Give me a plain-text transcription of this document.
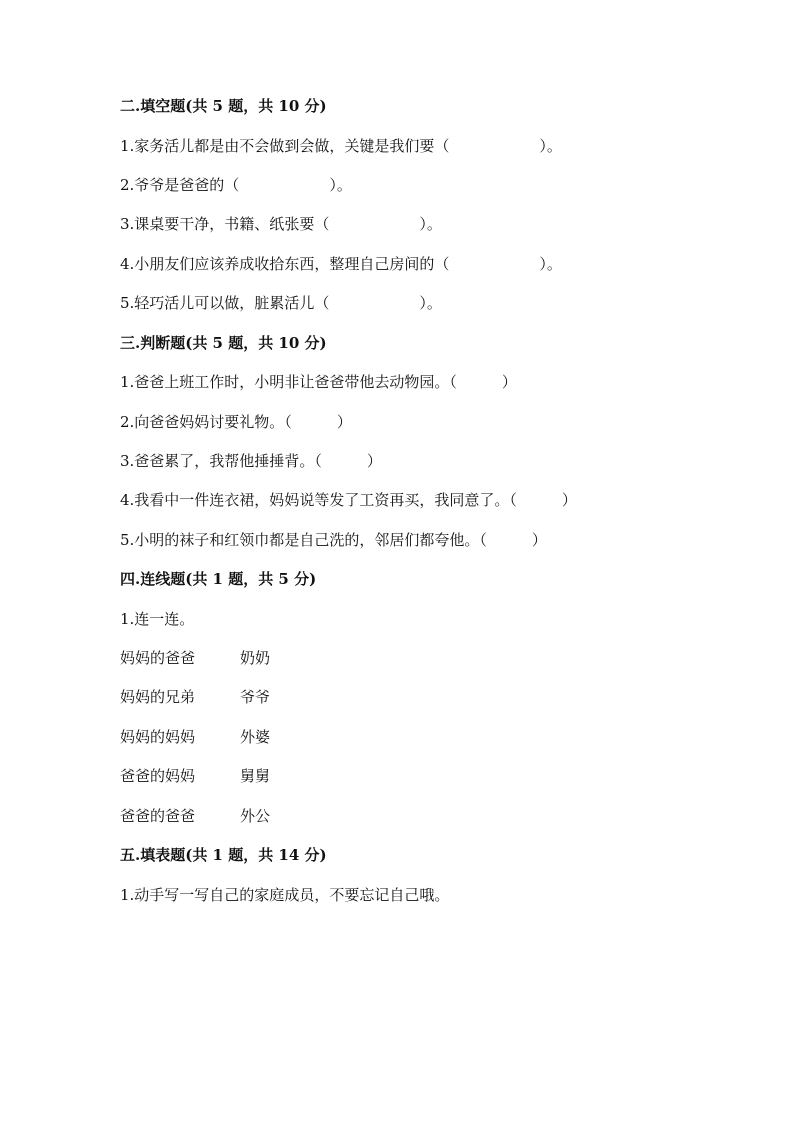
二.填空题(共 5 题，共 10 分)
1.家务活儿都是由不会做到会做，关键是我们要（　　　　　　）。
2.爷爷是爸爸的（　　　　　　）。
3.课桌要干净，书籍、纸张要（　　　　　　）。
4.小朋友们应该养成收拾东西，整理自己房间的（　　　　　　）。
5.轻巧活儿可以做，脏累活儿（　　　　　　）。
三.判断题(共 5 题，共 10 分)
1.爸爸上班工作时，小明非让爸爸带他去动物园。（　　　）
2.向爸爸妈妈讨要礼物。（　　　）
3.爸爸累了，我帮他捶捶背。（　　　）
4.我看中一件连衣裙，妈妈说等发了工资再买，我同意了。（　　　）
5.小明的袜子和红领巾都是自己洗的，邻居们都夸他。（　　　）
四.连线题(共 1 题，共 5 分)
1.连一连。
妈妈的爸爸	奶奶
妈妈的兄弟	爷爷
妈妈的妈妈	外婆
爸爸的妈妈	舅舅
爸爸的爸爸	外公
五.填表题(共 1 题，共 14 分)
1.动手写一写自己的家庭成员，不要忘记自己哦。
